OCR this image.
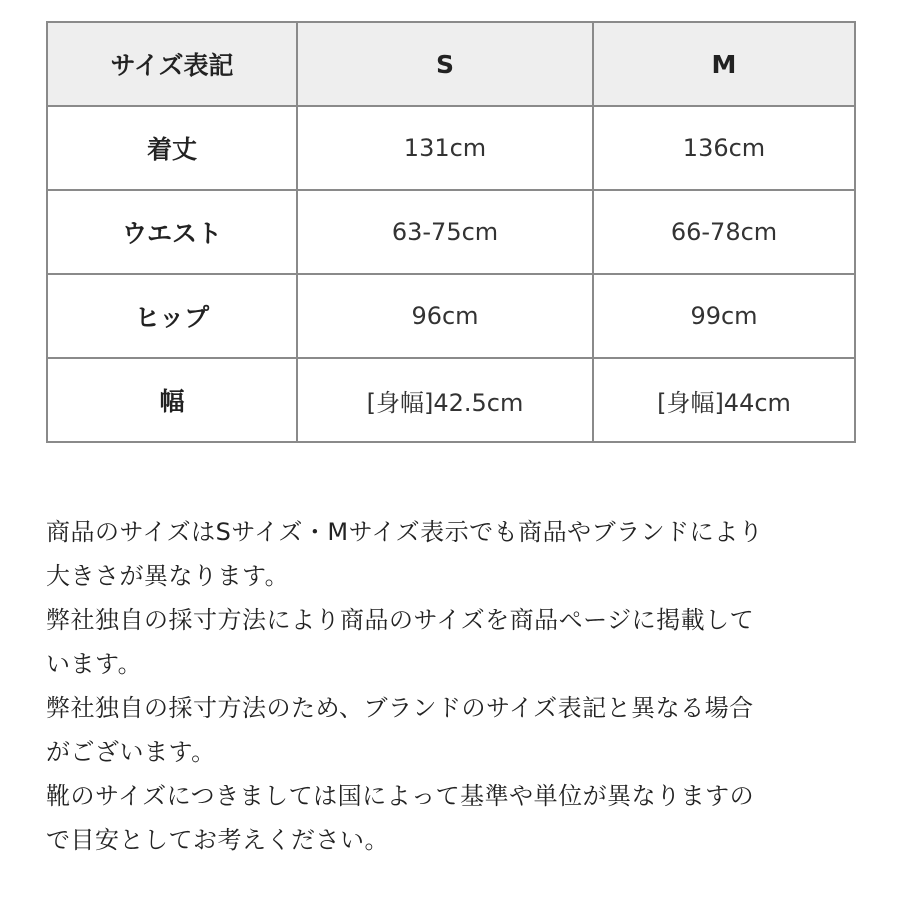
サイズ表記	S	M
着丈	131cm	136cm
ウエスト	63-75cm	66-78cm
ヒップ	96cm	99cm
幅	[身幅]42.5cm	[身幅]44cm

商品のサイズはSサイズ・Mサイズ表示でも商品やブランドにより
大きさが異なります。

弊社独自の採寸方法により商品のサイズを商品ページに掲載して
います。

弊社独自の採寸方法のため、ブランドのサイズ表記と異なる場合
がございます。

靴のサイズにつきましては国によって基準や単位が異なりますの
で目安としてお考えください。
